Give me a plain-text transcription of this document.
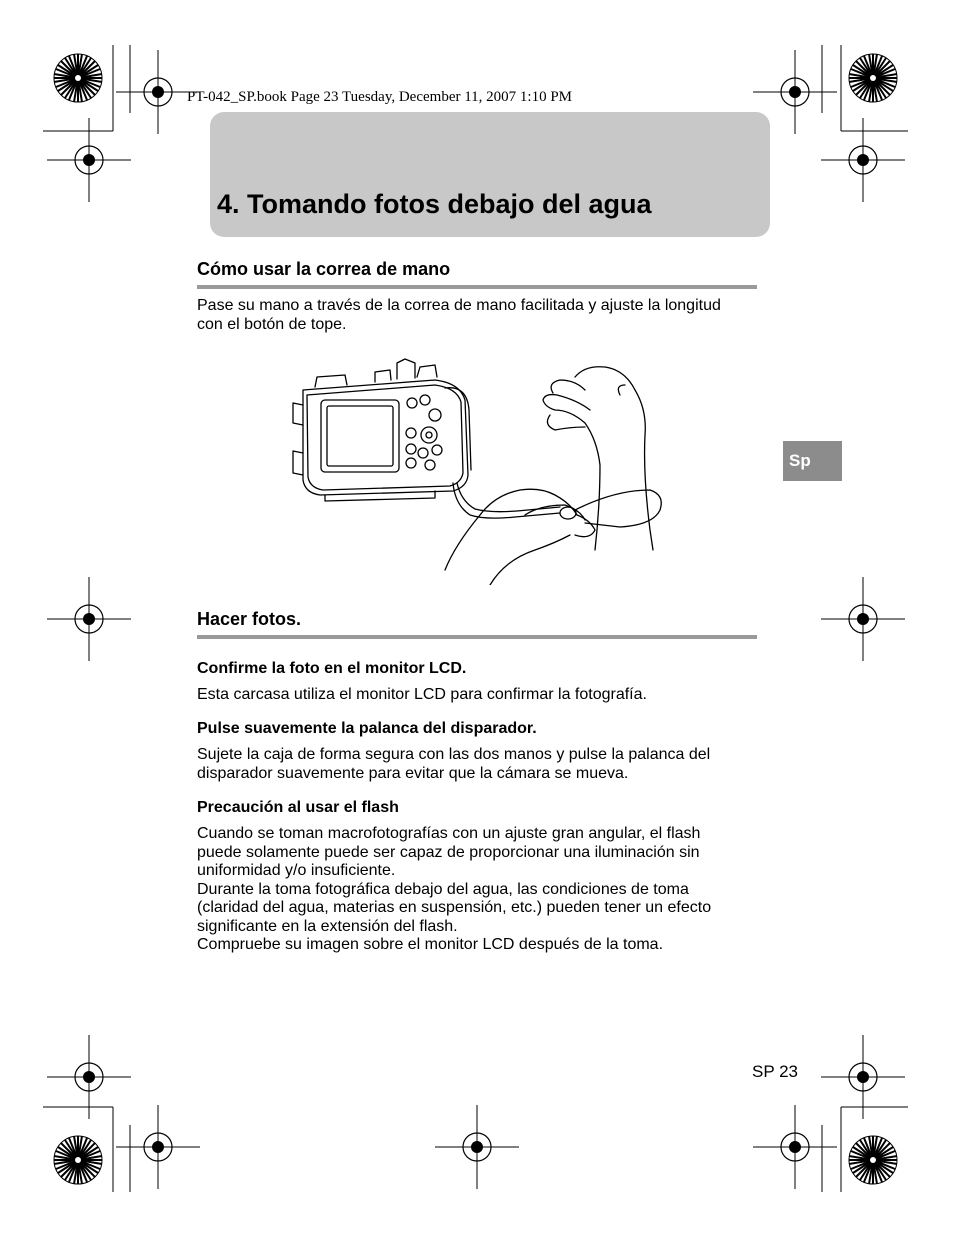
PT-042_SP.book Page 23 Tuesday, December 11, 2007 1:10 PM
4. Tomando fotos debajo del agua
Cómo usar la correa de mano
Pase su mano a través de la correa de mano facilitada y ajuste la longitud
con el botón de tope.
Hacer fotos.
Confirme la foto en el monitor LCD.
Esta carcasa utiliza el monitor LCD para confirmar la fotografía.
Pulse suavemente la palanca del disparador.
Sujete la caja de forma segura con las dos manos y pulse la palanca del
disparador suavemente para evitar que la cámara se mueva.
Precaución al usar el flash
Cuando se toman macrofotografías con un ajuste gran angular, el flash
puede solamente puede ser capaz de proporcionar una iluminación sin
uniformidad y/o insuficiente.
Durante la toma fotográfica debajo del agua, las condiciones de toma
(claridad del agua, materias en suspensión, etc.) pueden tener un efecto
significante en la extensión del flash.
Compruebe su imagen sobre el monitor LCD después de la toma.
Sp
SP 23
